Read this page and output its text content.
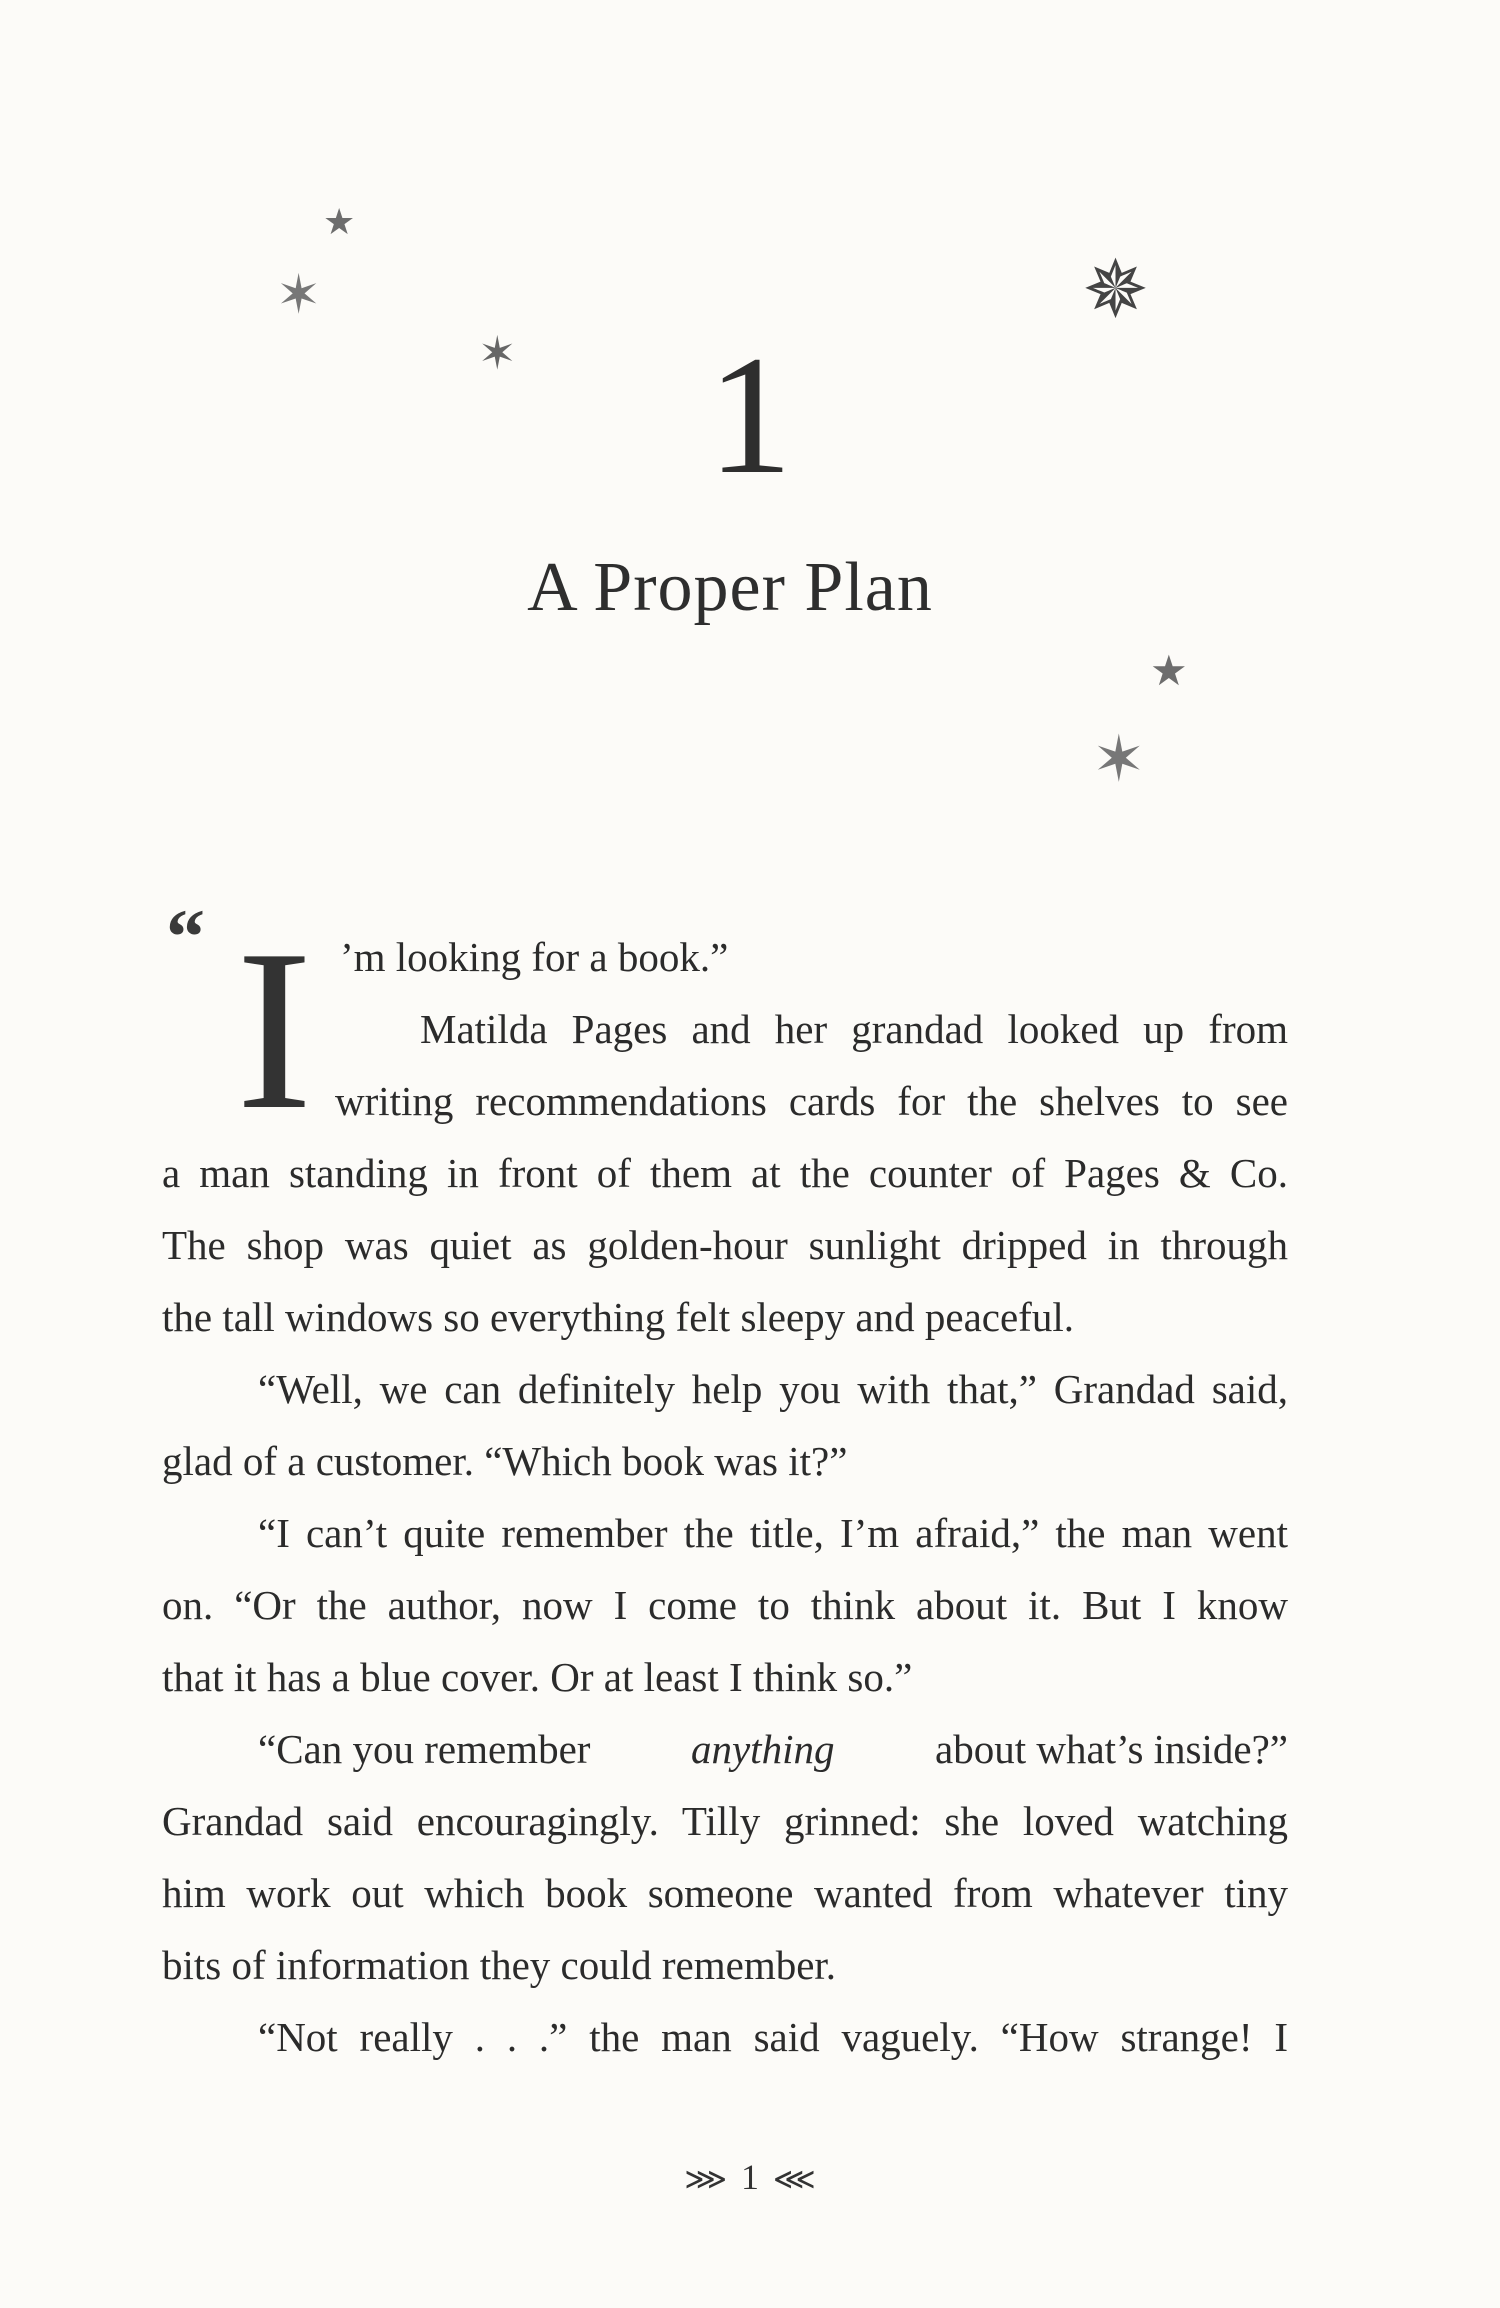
★
✶
✶
✵
★
✶
1
A Proper Plan
“ I ’m looking for a book.”
Matilda Pages and her grandad looked up from
writing recommendations cards for the shelves to see
a man standing in front of them at the counter of Pages & Co.
The shop was quiet as golden-hour sunlight dripped in through
the tall windows so everything felt sleepy and peaceful.
“Well, we can definitely help you with that,” Grandad said,
glad of a customer. “Which book was it?”
“I can’t quite remember the title, I’m afraid,” the man went
on. “Or the author, now I come to think about it. But I know
that it has a blue cover. Or at least I think so.”
“Can you remember anything about what’s inside?”
Grandad said encouragingly. Tilly grinned: she loved watching
him work out which book someone wanted from whatever tiny
bits of information they could remember.
“Not really . . .” the man said vaguely. “How strange! I
⋙ 1 ⋘
